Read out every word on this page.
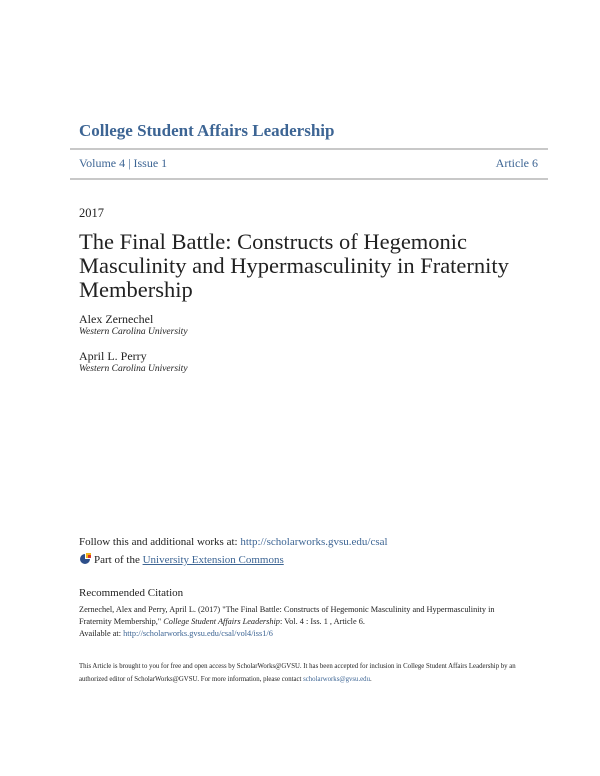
College Student Affairs Leadership
Volume 4 | Issue 1	Article 6
2017
The Final Battle: Constructs of Hegemonic Masculinity and Hypermasculinity in Fraternity Membership
Alex Zernechel
Western Carolina University
April L. Perry
Western Carolina University
Follow this and additional works at: http://scholarworks.gvsu.edu/csal
Part of the University Extension Commons
Recommended Citation
Zernechel, Alex and Perry, April L. (2017) "The Final Battle: Constructs of Hegemonic Masculinity and Hypermasculinity in Fraternity Membership," College Student Affairs Leadership: Vol. 4 : Iss. 1 , Article 6.
Available at: http://scholarworks.gvsu.edu/csal/vol4/iss1/6
This Article is brought to you for free and open access by ScholarWorks@GVSU. It has been accepted for inclusion in College Student Affairs Leadership by an authorized editor of ScholarWorks@GVSU. For more information, please contact scholarworks@gvsu.edu.
